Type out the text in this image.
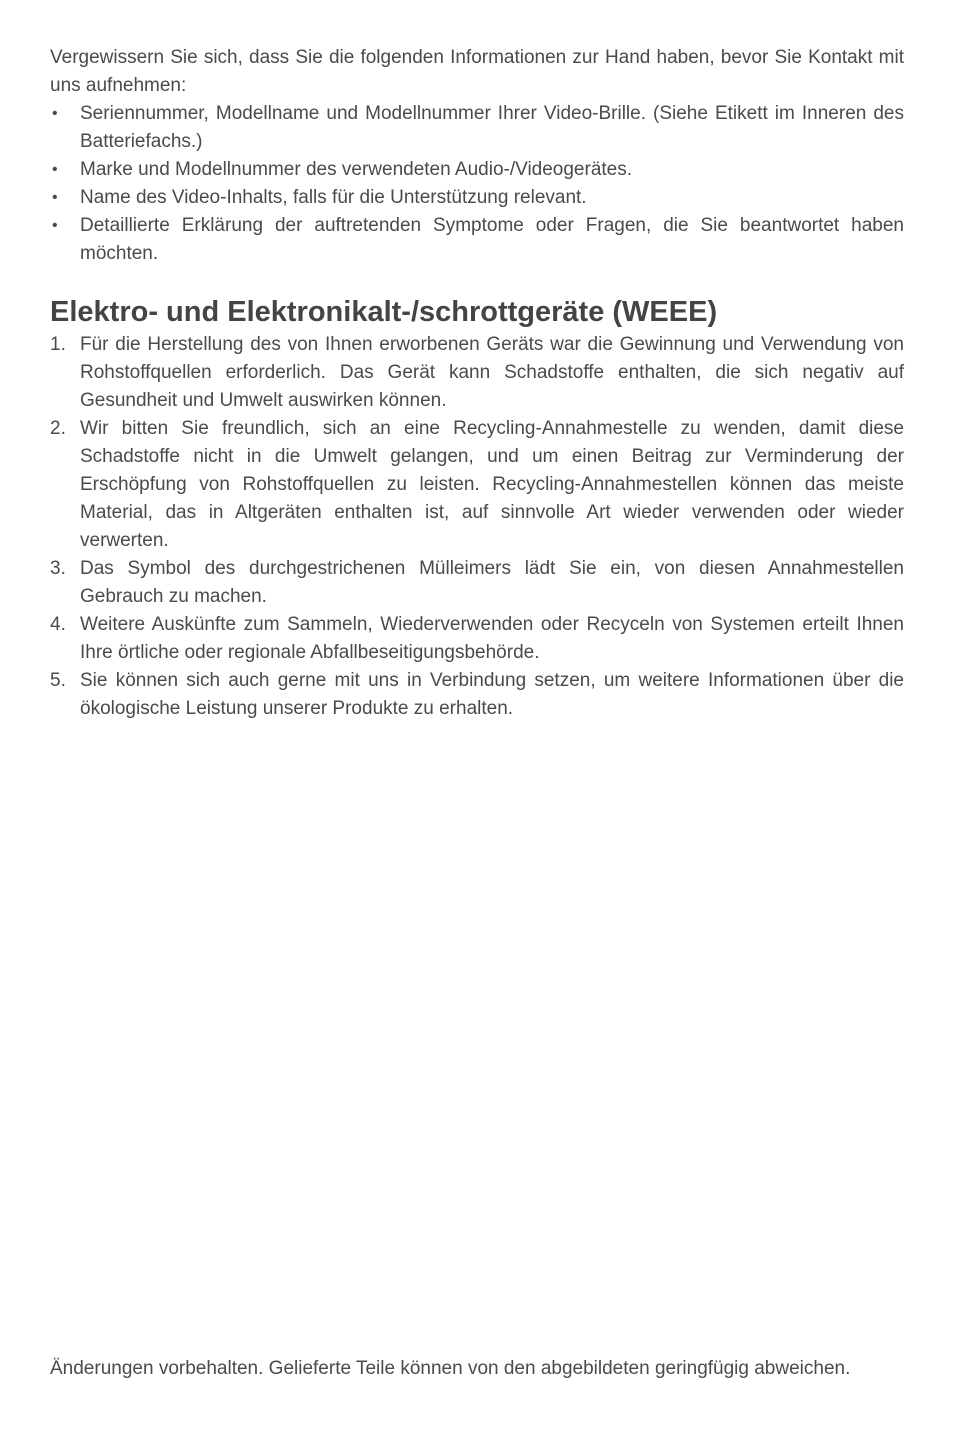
Vergewissern Sie sich, dass Sie die folgenden Informationen zur Hand haben, bevor Sie Kontakt mit uns aufnehmen:

• Seriennummer, Modellname und Modellnummer Ihrer Video-Brille. (Siehe Etikett im Inneren des Batteriefachs.)
• Marke und Modellnummer des verwendeten Audio-/Videogerätes.
• Name des Video-Inhalts, falls für die Unterstützung relevant.
• Detaillierte Erklärung der auftretenden Symptome oder Fragen, die Sie beantwortet haben möchten.
Elektro- und Elektronikalt-/schrottgeräte (WEEE)
1. Für die Herstellung des von Ihnen erworbenen Geräts war die Gewinnung und Verwendung von Rohstoffquellen erforderlich. Das Gerät kann Schadstoffe enthalten, die sich negativ auf Gesundheit und Umwelt auswirken können.
2. Wir bitten Sie freundlich, sich an eine Recycling-Annahmestelle zu wenden, damit diese Schadstoffe nicht in die Umwelt gelangen, und um einen Beitrag zur Verminderung der Erschöpfung von Rohstoffquellen zu leisten. Recycling-Annahmestellen können das meiste Material, das in Altgeräten enthalten ist, auf sinnvolle Art wieder verwenden oder wieder verwerten.
3. Das Symbol des durchgestrichenen Mülleimers lädt Sie ein, von diesen Annahmestellen Gebrauch zu machen.
4. Weitere Auskünfte zum Sammeln, Wiederverwenden oder Recyceln von Systemen erteilt Ihnen Ihre örtliche oder regionale Abfallbeseitigungsbehörde.
5. Sie können sich auch gerne mit uns in Verbindung setzen, um weitere Informationen über die ökologische Leistung unserer Produkte zu erhalten.

Änderungen vorbehalten. Gelieferte Teile können von den abgebildeten geringfügig abweichen.
